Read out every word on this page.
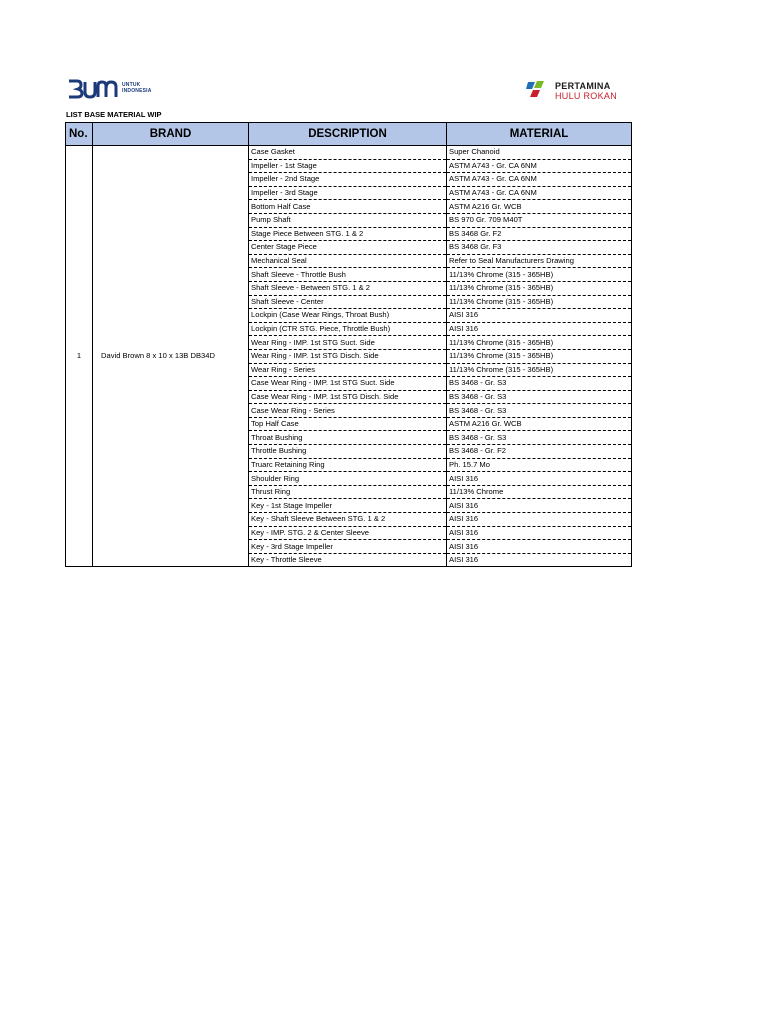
UNTUK
INDONESIA	PERTAMINA
HULU ROKAN
LIST BASE MATERIAL WIP
No.	BRAND	DESCRIPTION	MATERIAL
1	David Brown 8 x 10 x 13B DB34D	Case Gasket	Super Chanoid
		Impeller - 1st Stage	ASTM A743 - Gr. CA 6NM
		Impeller - 2nd Stage	ASTM A743 - Gr. CA 6NM
		Impeller - 3rd Stage	ASTM A743 - Gr. CA 6NM
		Bottom Half Case	ASTM A216 Gr. WCB
		Pump Shaft	BS 970 Gr. 709 M40T
		Stage Piece Between STG. 1 & 2	BS 3468 Gr. F2
		Center Stage Piece	BS 3468 Gr. F3
		Mechanical Seal	Refer to Seal Manufacturers Drawing
		Shaft Sleeve - Throttle Bush	11/13% Chrome (315 - 365HB)
		Shaft Sleeve - Between STG. 1 & 2	11/13% Chrome (315 - 365HB)
		Shaft Sleeve - Center	11/13% Chrome (315 - 365HB)
		Lockpin (Case Wear Rings, Throat Bush)	AISI 316
		Lockpin (CTR STG. Piece, Throttle Bush)	AISI 316
		Wear Ring - IMP. 1st STG Suct. Side	11/13% Chrome (315 - 365HB)
		Wear Ring - IMP. 1st STG Disch. Side	11/13% Chrome (315 - 365HB)
		Wear Ring - Series	11/13% Chrome (315 - 365HB)
		Case Wear Ring - IMP. 1st STG Suct. Side	BS 3468 - Gr. S3
		Case Wear Ring - IMP. 1st STG Disch. Side	BS 3468 - Gr. S3
		Case Wear Ring - Series	BS 3468 - Gr. S3
		Top Half Case	ASTM A216 Gr. WCB
		Throat Bushing	BS 3468 - Gr. S3
		Throttle Bushing	BS 3468 - Gr. F2
		Truarc Retaining Ring	Ph. 15.7 Mo
		Shoulder Ring	AISI 316
		Thrust Ring	11/13% Chrome
		Key - 1st Stage Impeller	AISI 316
		Key - Shaft Sleeve Between STG. 1 & 2	AISI 316
		Key - IMP. STG. 2 & Center Sleeve	AISI 316
		Key - 3rd Stage Impeller	AISI 316
		Key - Throttle Sleeve	AISI 316
